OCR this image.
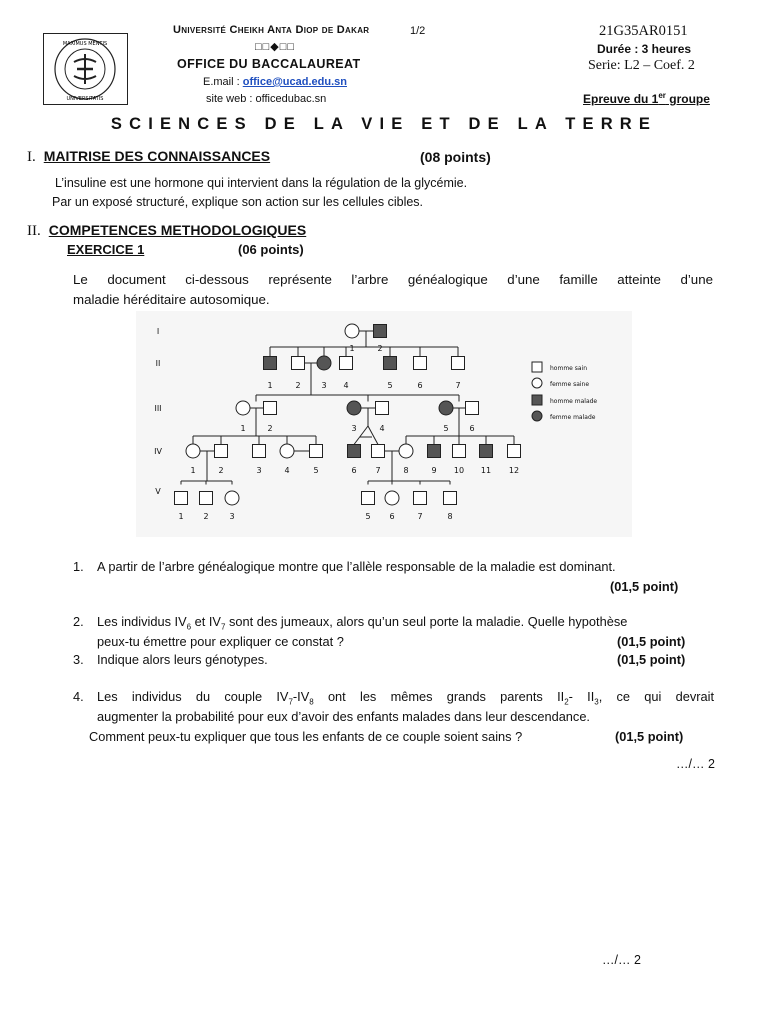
MAXIMUS MENTIS
UNIVERSITATIS
Université Cheikh Anta Diop de Dakar	1/2
□□◆□□
OFFICE DU BACCALAUREAT
E.mail : office@ucad.edu.sn
site web : officedubac.sn
21G35AR0151
Durée : 3 heures
Serie: L2 – Coef. 2
Epreuve du 1er groupe
SCIENCES DE LA VIE ET DE LA TERRE
I. MAITRISE DES CONNAISSANCES	(08 points)
L’insuline est une hormone qui intervient dans la régulation de la glycémie.
Par un exposé structuré, explique son action sur les cellules cibles.
II. COMPETENCES METHODOLOGIQUES
EXERCICE 1	(06 points)
Le document ci-dessous représente l’arbre généalogique d’une famille atteinte d’une
maladie héréditaire autosomique.
I
II
III
IV
V
1	2
1	2	3 4	5	6	7
1	2	3	4	5	6
1	2	3	4	5	6 7	8	9 10 11 12
1 2	3	5 6	7	8
homme sain
femme saine
homme malade
femme malade
1. A partir de l’arbre généalogique montre que l’allèle responsable de la maladie est dominant.
(01,5 point)
2. Les individus $IV_6$ et $IV_7$ sont des jumeaux, alors qu’un seul porte la maladie. Quelle hypothèse
peux-tu émettre pour expliquer ce constat ?	(01,5 point)
3. Indique alors leurs génotypes.	(01,5 point)
4. Les individus du couple $IV_7-IV_8$ ont les mêmes grands parents $II_2-$ $II_3$, ce qui devrait
augmenter la probabilité pour eux d’avoir des enfants malades dans leur descendance.
Comment peux-tu expliquer que tous les enfants de ce couple soient sains ?	(01,5 point)
…/… 2
…/… 2
